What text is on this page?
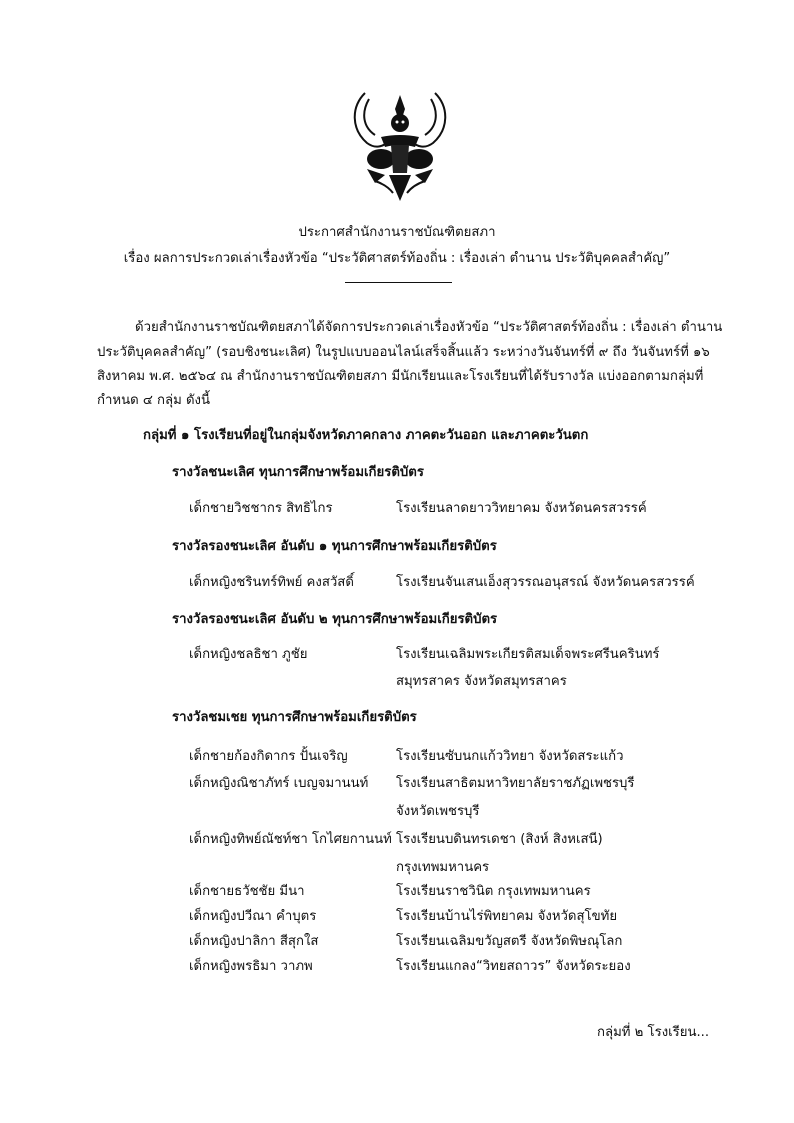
ประกาศสำนักงานราชบัณฑิตยสภา
เรื่อง ผลการประกวดเล่าเรื่องหัวข้อ “ประวัติศาสตร์ท้องถิ่น : เรื่องเล่า ตำนาน ประวัติบุคคลสำคัญ”
ด้วยสำนักงานราชบัณฑิตยสภาได้จัดการประกวดเล่าเรื่องหัวข้อ “ประวัติศาสตร์ท้องถิ่น : เรื่องเล่า ตำนาน
ประวัติบุคคลสำคัญ” (รอบชิงชนะเลิศ) ในรูปแบบออนไลน์เสร็จสิ้นแล้ว ระหว่างวันจันทร์ที่ ๙ ถึง วันจันทร์ที่ ๑๖
สิงหาคม พ.ศ. ๒๕๖๔ ณ สำนักงานราชบัณฑิตยสภา มีนักเรียนและโรงเรียนที่ได้รับรางวัล แบ่งออกตามกลุ่มที่
กำหนด ๔ กลุ่ม ดังนี้
กลุ่มที่ ๑ โรงเรียนที่อยู่ในกลุ่มจังหวัดภาคกลาง ภาคตะวันออก และภาคตะวันตก
รางวัลชนะเลิศ ทุนการศึกษาพร้อมเกียรติบัตร
เด็กชายวิชชากร สิทธิไกร	โรงเรียนลาดยาววิทยาคม จังหวัดนครสวรรค์
รางวัลรองชนะเลิศ อันดับ ๑ ทุนการศึกษาพร้อมเกียรติบัตร
เด็กหญิงชรินทร์ทิพย์ คงสวัสดิ์	โรงเรียนจันเสนเอ็งสุวรรณอนุสรณ์ จังหวัดนครสวรรค์
รางวัลรองชนะเลิศ อันดับ ๒ ทุนการศึกษาพร้อมเกียรติบัตร
เด็กหญิงชลธิชา ภูชัย	โรงเรียนเฉลิมพระเกียรติสมเด็จพระศรีนครินทร์
สมุทรสาคร จังหวัดสมุทรสาคร
รางวัลชมเชย ทุนการศึกษาพร้อมเกียรติบัตร
เด็กชายก้องกิดากร ปั้นเจริญ	โรงเรียนซับนกแก้ววิทยา จังหวัดสระแก้ว
เด็กหญิงณิชาภัทร์ เบญจมานนท์ โรงเรียนสาธิตมหาวิทยาลัยราชภัฏเพชรบุรี
จังหวัดเพชรบุรี
เด็กหญิงทิพย์ณัชท์ชา โกไศยกานนท์ โรงเรียนบดินทรเดชา (สิงห์ สิงหเสนี)
กรุงเทพมหานคร
เด็กชายธวัชชัย มีนา	โรงเรียนราชวินิต กรุงเทพมหานคร
เด็กหญิงปวีณา คำบุตร	โรงเรียนบ้านไร่พิทยาคม จังหวัดสุโขทัย
เด็กหญิงปาลิกา สีสุกใส	โรงเรียนเฉลิมขวัญสตรี จังหวัดพิษณุโลก
เด็กหญิงพรธิมา วาภพ	โรงเรียนแกลง“วิทยสถาวร” จังหวัดระยอง
กลุ่มที่ ๒ โรงเรียน...
